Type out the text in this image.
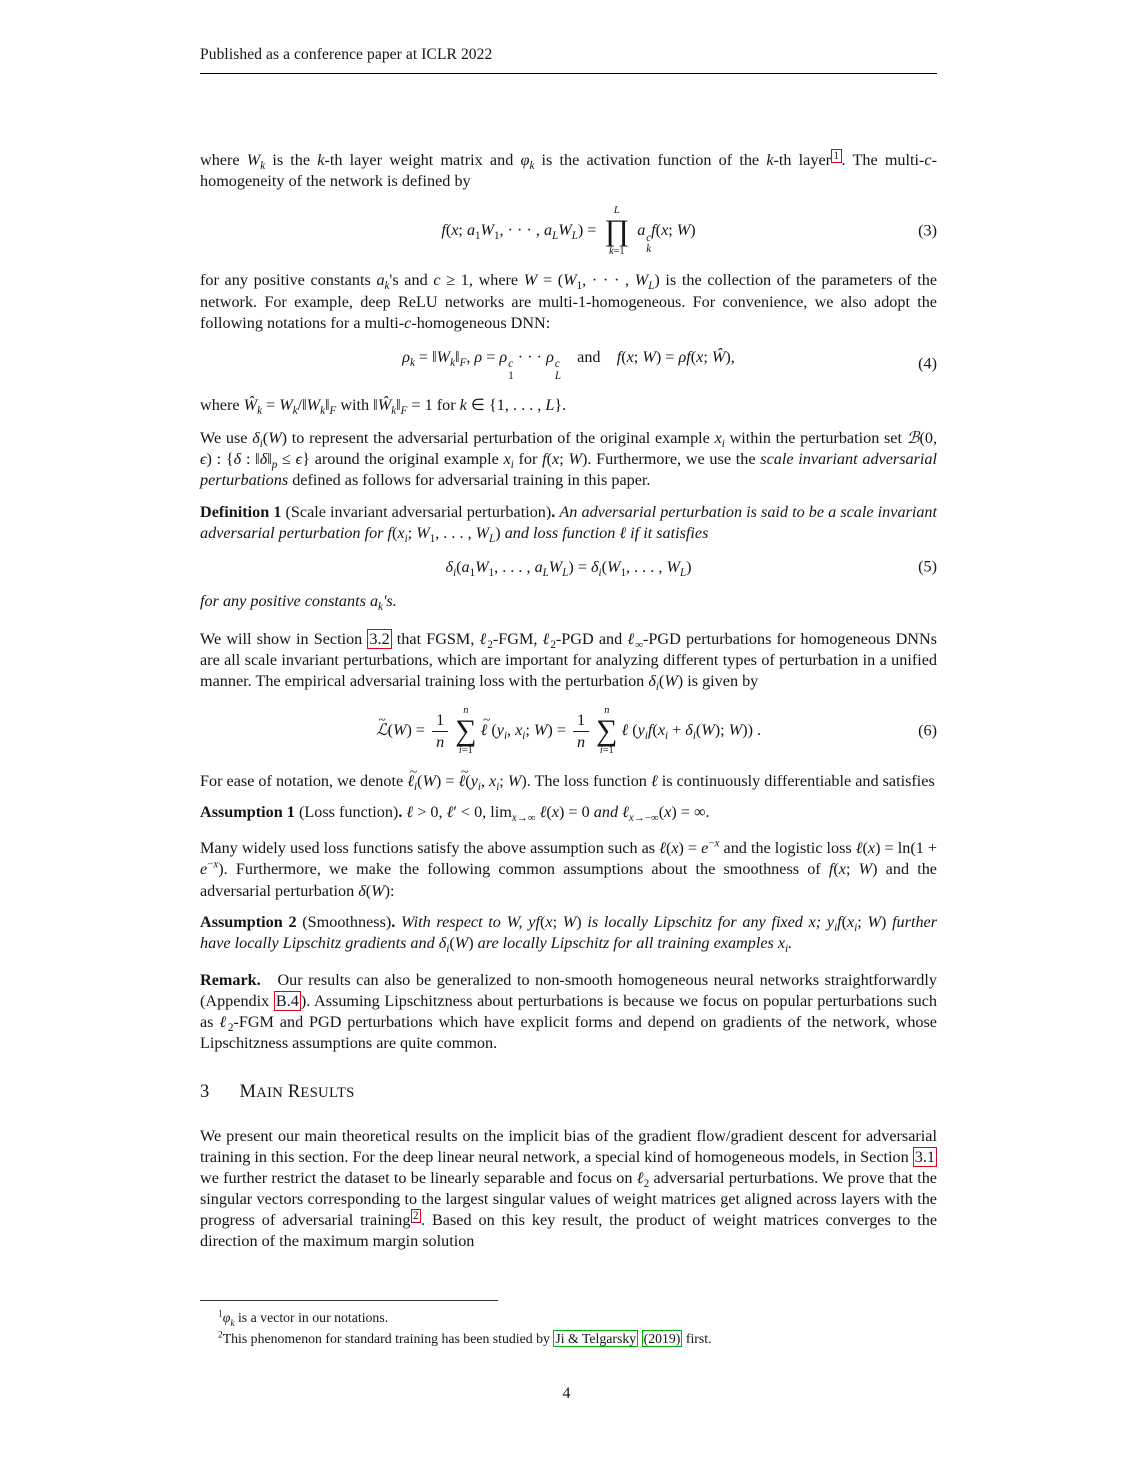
Published as a conference paper at ICLR 2022

where $W_k$ is the k-th layer weight matrix and $\varphi_k$ is the activation function of the k-th layer $^1$ . The multi-c-homogeneity of the network is defined by

f(x; $a_1W_1$, · · · , $a_LW_L$) =
L
∏
k=1
a c
k
f(x; W)	(3)

for any positive constants $a_k's$ and c ≥ 1, where $W = (W_1$, · · · , $W_L$) is the collection of the parameters of the network. For example, deep ReLU networks are multi-1-homogeneous. For convenience, we also adopt the following notations for a multi-c-homogeneous DNN:

$\rho_k$ = $‖W_k‖_F$, ρ = ρ c
1
· · · ρ c
L
and    f(x; W) = ρf(x; Ŵ),	(4)

where $Ŵ_k$ = $W_k/‖W_k‖_F$ with $‖Ŵ_k‖_F = 1$ for k ∈ {1, . . . , L}.

We use $\delta_i(W)$ to represent the adversarial perturbation of the original example $x_i$ within the perturbation set ℬ(0, ϵ) : {δ : $‖\delta‖_p \le \epsilon$} around the original example $x_i$ for f(x; W). Furthermore, we use the scale invariant adversarial perturbations defined as follows for adversarial training in this paper.

Definition 1 (Scale invariant adversarial perturbation). An adversarial perturbation is said to be a scale invariant adversarial perturbation for $f(x_i$; $W_1$, . . . , $W_L$) and loss function ℓ if it satisfies

$\delta_i(a_1W_1$, . . . , $a_LW_L) = \delta_i(W_1$, . . . , $W_L$)	(5)

for any positive constants $a_k's$.

We will show in Section 3.2 that FGSM, ℓ$_2$-FGM, ℓ$_2$-PGD and ℓ$_\infty$-PGD perturbations for homogeneous DNNs are all scale invariant perturbations, which are important for analyzing different types of perturbation in a unified manner. The empirical adversarial training loss with the perturbation $\delta_i(W)$ is given by

ℒ ~(W) = $\frac{1}{n}$
n
∑
i=1
ℓ ~ ($y_i$, $x_i$; $W) = \frac{1}{n}$
n
∑
i=1
ℓ ($y_if(x_i + \delta_i(W)$; W)) .	(6)

For ease of notation, we denote ℓ $\sim_i(W)$ = ℓ $\sim(y_i$, $x_i$; W). The loss function ℓ is continuously differentiable and satisfies

Assumption 1 (Loss function). ℓ > 0, ℓ′ < 0, $\lim_{x\to\infty}$ ℓ(x) = 0 and ℓ$_{x\to-\infty}$(x) = ∞.

Many widely used loss functions satisfy the above assumption such as ℓ(x) = $e^{-x}$ and the logistic loss ℓ(x) = $\ln(1 + e^{-x})$. Furthermore, we make the following common assumptions about the smoothness of f(x; W) and the adversarial perturbation δ(W):

Assumption 2 (Smoothness). With respect to W, yf(x; W) is locally Lipschitz for any fixed x; $y_if(x_i$; W) further have locally Lipschitz gradients and $\delta_i(W)$ are locally Lipschitz for all training examples $x_i$.

Remark.   Our results can also be generalized to non-smooth homogeneous neural networks straightforwardly (Appendix B.4 ). Assuming Lipschitzness about perturbations is because we focus on popular perturbations such as ℓ$_2$-FGM and PGD perturbations which have explicit forms and depend on gradients of the network, whose Lipschitzness assumptions are quite common.

3 MAIN RESULTS

We present our main theoretical results on the implicit bias of the gradient flow/gradient descent for adversarial training in this section. For the deep linear neural network, a special kind of homogeneous models, in Section 3.1 we further restrict the dataset to be linearly separable and focus on ℓ$_2$ adversarial perturbations. We prove that the singular vectors corresponding to the largest singular values of weight matrices get aligned across layers with the progress of adversarial training $^2$ . Based on this key result, the product of weight matrices converges to the direction of the maximum margin solution

$^1\varphi_k$ is a vector in our notations.
$^2$This phenomenon for standard training has been studied by Ji & Telgarsky (2019) first.
4
